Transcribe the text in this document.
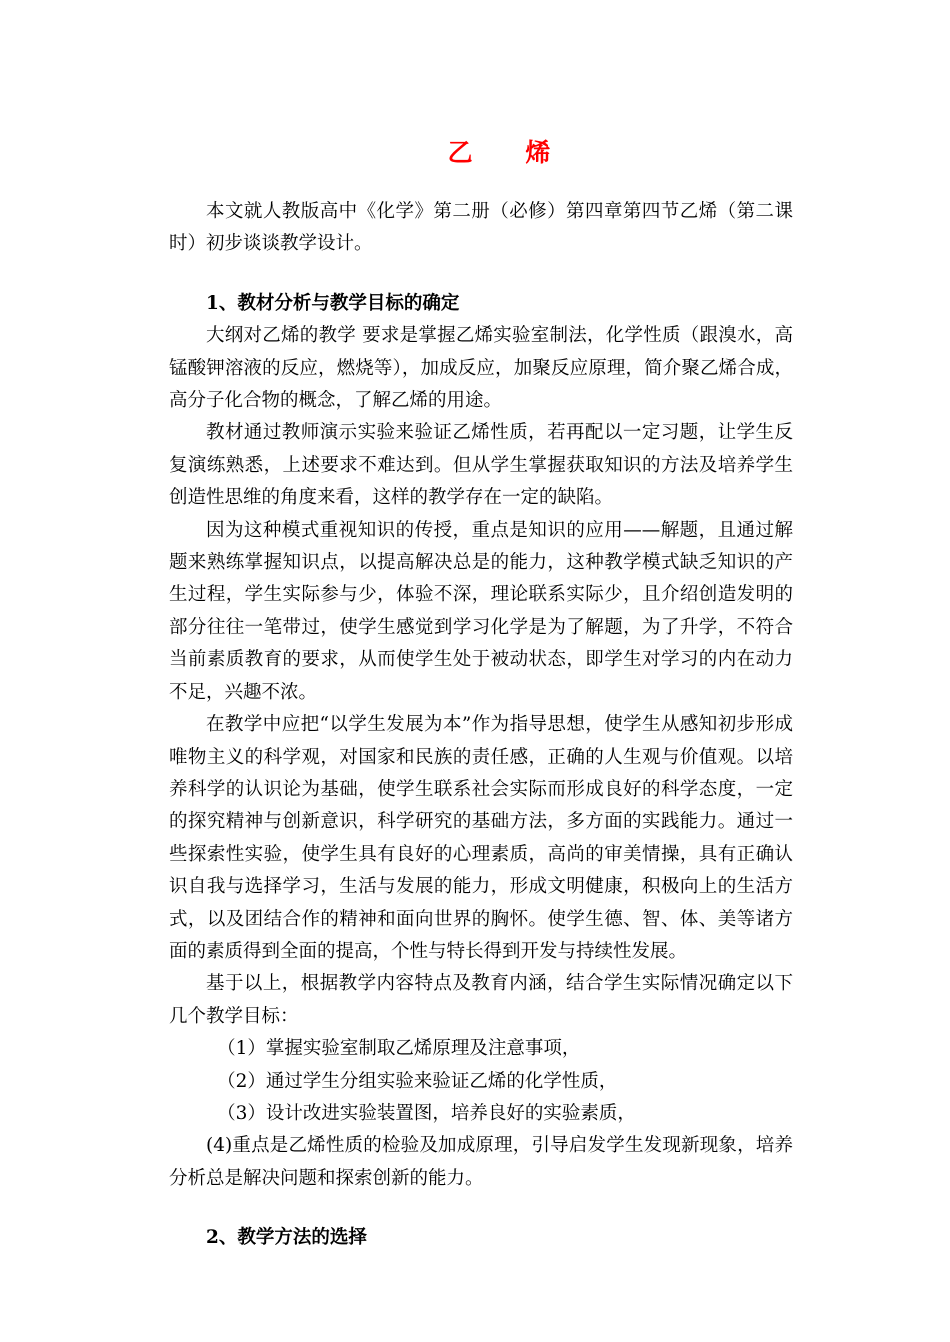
乙 烯

本文就人教版高中《化学》第二册（必修）第四章第四节乙烯（第二课时）初步谈谈教学设计。

1、教材分析与教学目标的确定

大纲对乙烯的教学 要求是掌握乙烯实验室制法，化学性质（跟溴水，高锰酸钾溶液的反应，燃烧等），加成反应，加聚反应原理，简介聚乙烯合成，高分子化合物的概念，了解乙烯的用途。

教材通过教师演示实验来验证乙烯性质，若再配以一定习题，让学生反复演练熟悉，上述要求不难达到。但从学生掌握获取知识的方法及培养学生创造性思维的角度来看，这样的教学存在一定的缺陷。

因为这种模式重视知识的传授，重点是知识的应用——解题，且通过解题来熟练掌握知识点，以提高解决总是的能力，这种教学模式缺乏知识的产生过程，学生实际参与少，体验不深，理论联系实际少，且介绍创造发明的部分往往一笔带过，使学生感觉到学习化学是为了解题，为了升学，不符合当前素质教育的要求，从而使学生处于被动状态，即学生对学习的内在动力不足，兴趣不浓。

在教学中应把“以学生发展为本”作为指导思想，使学生从感知初步形成唯物主义的科学观，对国家和民族的责任感，正确的人生观与价值观。以培养科学的认识论为基础，使学生联系社会实际而形成良好的科学态度，一定的探究精神与创新意识，科学研究的基础方法，多方面的实践能力。通过一些探索性实验，使学生具有良好的心理素质，高尚的审美情操，具有正确认识自我与选择学习，生活与发展的能力，形成文明健康，积极向上的生活方式，以及团结合作的精神和面向世界的胸怀。使学生德、智、体、美等诸方面的素质得到全面的提高，个性与特长得到开发与持续性发展。

基于以上，根据教学内容特点及教育内涵，结合学生实际情况确定以下几个教学目标：

（1）掌握实验室制取乙烯原理及注意事项，
（2）通过学生分组实验来验证乙烯的化学性质，
（3）设计改进实验装置图，培养良好的实验素质，
(4)重点是乙烯性质的检验及加成原理，引导启发学生发现新现象，培养分析总是解决问题和探索创新的能力。
2、教学方法的选择
